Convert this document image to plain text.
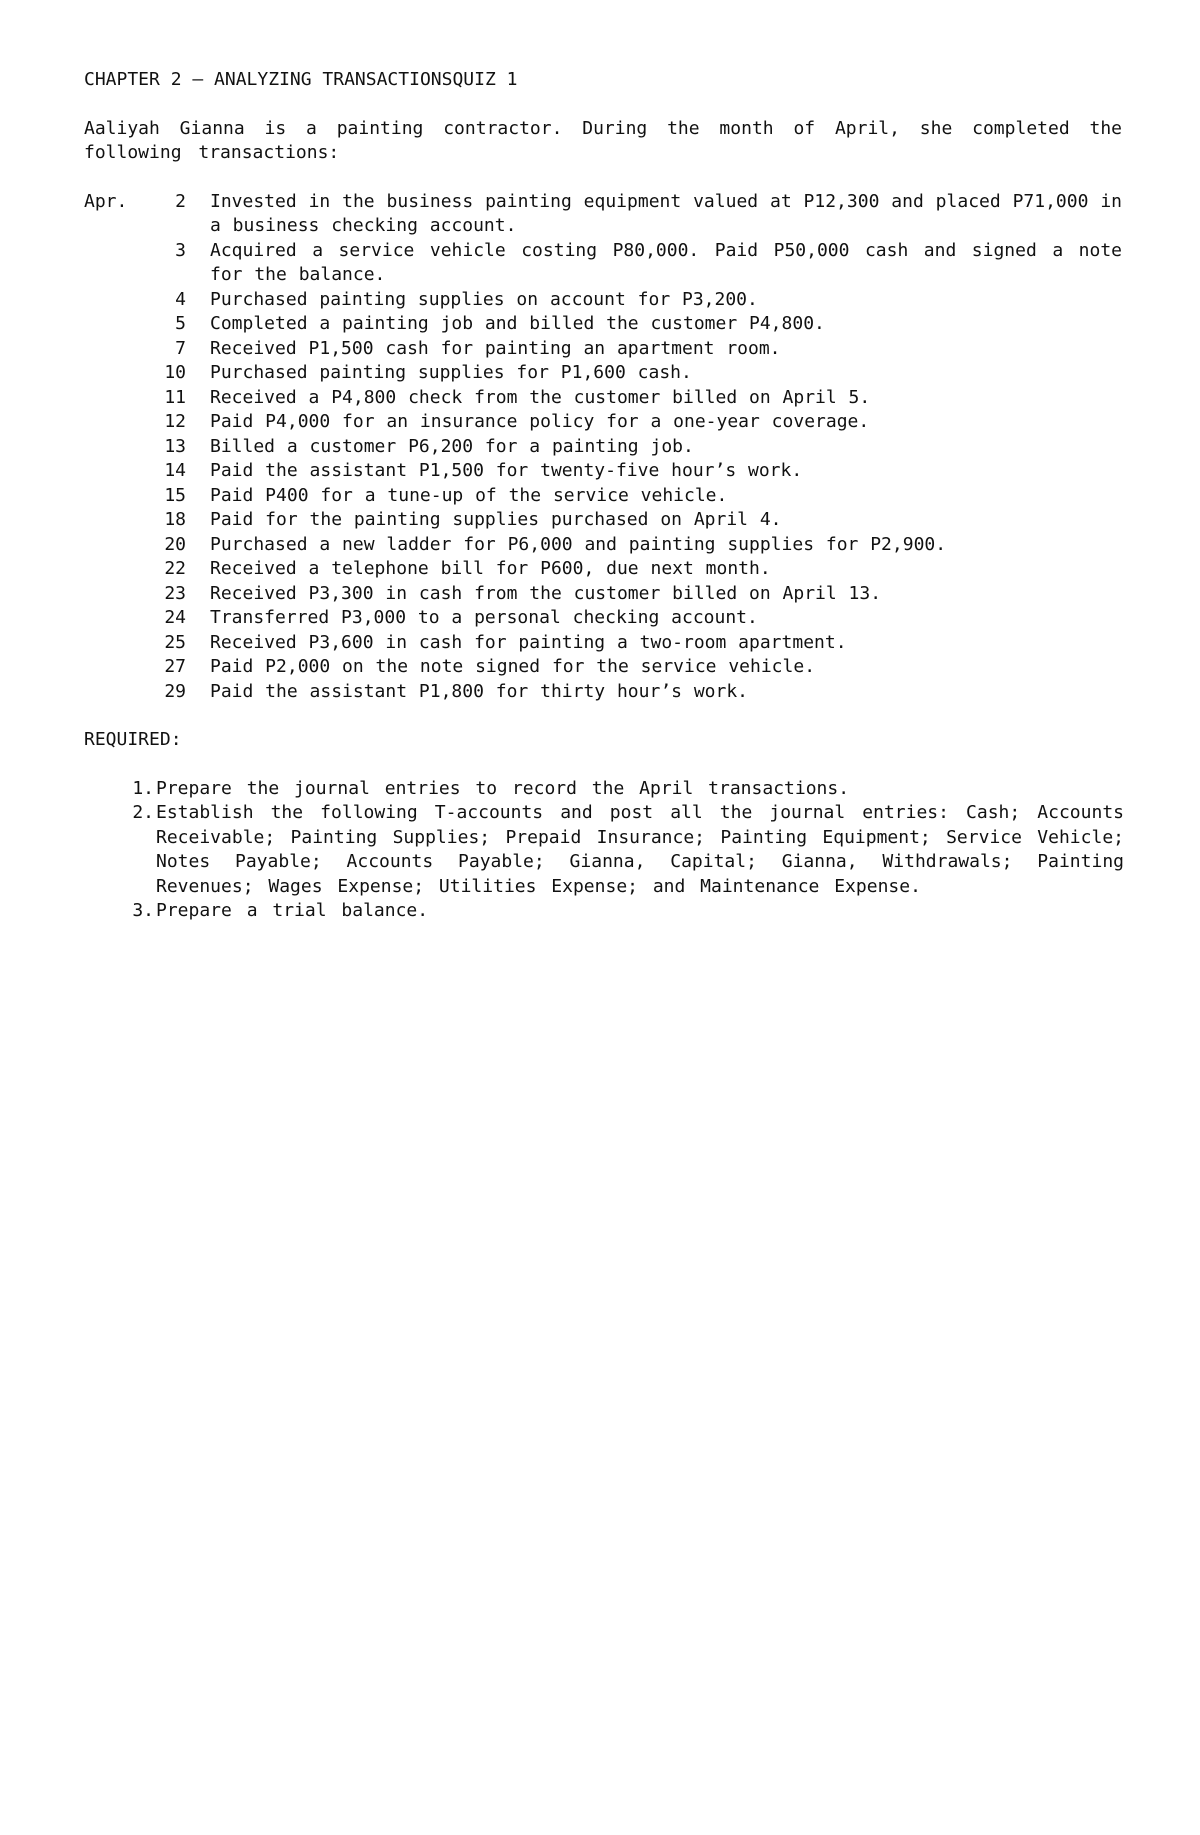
CHAPTER 2 – ANALYZING TRANSACTIONSQUIZ 1
Aaliyah Gianna is a painting contractor. During the month of April, she completed the following transactions:
Apr.	2 Invested in the business painting equipment valued at P12,300 and placed P71,000 in a business checking account.
3 Acquired a service vehicle costing P80,000. Paid P50,000 cash and signed a note for the balance.
4 Purchased painting supplies on account for P3,200.
5 Completed a painting job and billed the customer P4,800.
7 Received P1,500 cash for painting an apartment room.
10 Purchased painting supplies for P1,600 cash.
11 Received a P4,800 check from the customer billed on April 5.
12 Paid P4,000 for an insurance policy for a one-year coverage.
13 Billed a customer P6,200 for a painting job.
14 Paid the assistant P1,500 for twenty-five hour’s work.
15 Paid P400 for a tune-up of the service vehicle.
18 Paid for the painting supplies purchased on April 4.
20 Purchased a new ladder for P6,000 and painting supplies for P2,900.
22 Received a telephone bill for P600, due next month.
23 Received P3,300 in cash from the customer billed on April 13.
24 Transferred P3,000 to a personal checking account.
25 Received P3,600 in cash for painting a two-room apartment.
27 Paid P2,000 on the note signed for the service vehicle.
29 Paid the assistant P1,800 for thirty hour’s work.
REQUIRED:
1. Prepare the journal entries to record the April transactions.
2. Establish the following T-accounts and post all the journal entries: Cash; Accounts Receivable; Painting Supplies; Prepaid Insurance; Painting Equipment; Service Vehicle; Notes Payable; Accounts Payable; Gianna, Capital; Gianna, Withdrawals; Painting Revenues; Wages Expense; Utilities Expense; and Maintenance Expense.
3. Prepare a trial balance.
